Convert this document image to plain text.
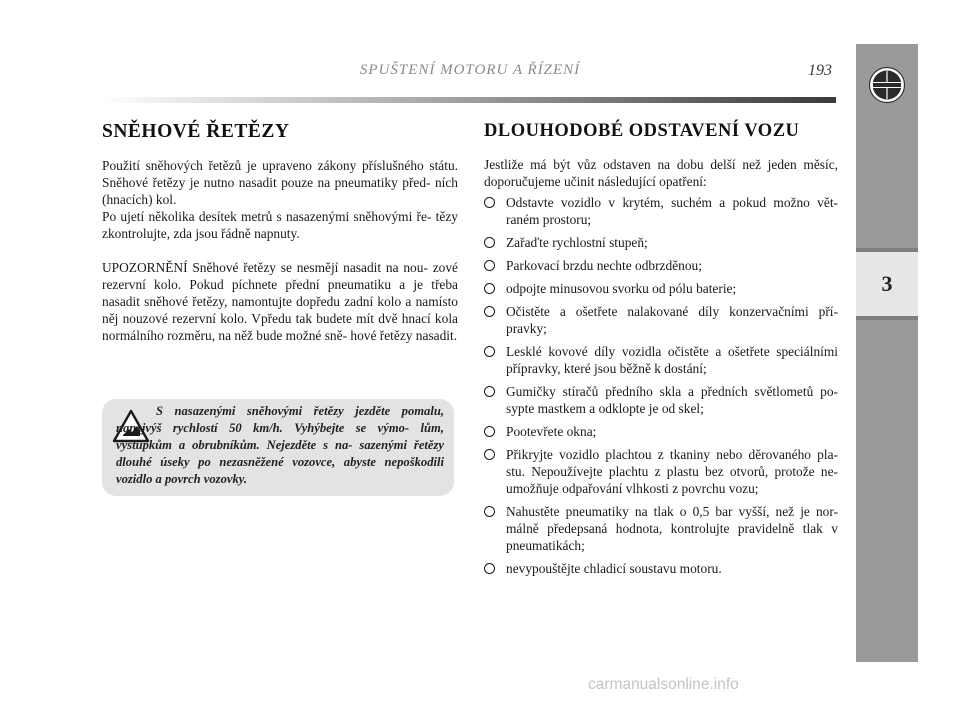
SPUŠTENÍ MOTORU A ŘÍZENÍ	193
3
SNĚHOVÉ ŘETĚZY

Použití sněhových řetězů je upraveno zákony příslušného státu. Sněhové řetězy je nutno nasadit pouze na pneumatiky před- ních (hnacích) kol.

Po ujetí několika desítek metrů s nasazenými sněhovými ře- tězy zkontrolujte, zda jsou řádně napnuty.

UPOZORNĚNÍ Sněhové řetězy se nesmějí nasadit na nou- zové rezervní kolo. Pokud píchnete přední pneumatiku a je třeba nasadit sněhové řetězy, namontujte dopředu zadní kolo a namísto něj nouzové rezervní kolo. Vpředu tak budete mít dvě hnací kola normálního rozměru, na něž bude možné sně- hové řetězy nasadit.

S nasazenými sněhovými řetězy jezděte pomalu, nanejvýš rychlostí 50 km/h. Vyhýbejte se výmo- lům, výstupkům a obrubníkům. Nejezděte s na- sazenými řetězy dlouhé úseky po nezasněžené vozovce, abyste nepoškodili vozidlo a povrch vozovky.
DLOUHODOBÉ ODSTAVENÍ VOZU

Jestliže má být vůz odstaven na dobu delší než jeden měsíc, doporučujeme učinit následující opatření:

Odstavte vozidlo v krytém, suchém a pokud možno vět- raném prostoru;
Zařaďte rychlostní stupeň;
Parkovací brzdu nechte odbrzděnou;
odpojte minusovou svorku od pólu baterie;
Očistěte a ošetřete nalakované díly konzervačními pří- pravky;
Lesklé kovové díly vozidla očistěte a ošetřete speciálními přípravky, které jsou běžně k dostání;
Gumičky stíračů předního skla a předních světlometů po- sypte mastkem a odklopte je od skel;
Pootevřete okna;
Přikryjte vozidlo plachtou z tkaniny nebo děrovaného pla- stu. Nepoužívejte plachtu z plastu bez otvorů, protože ne- umožňuje odpařování vlhkosti z povrchu vozu;
Nahustěte pneumatiky na tlak o 0,5 bar vyšší, než je nor- málně předepsaná hodnota, kontrolujte pravidelně tlak v pneumatikách;
nevypouštějte chladicí soustavu motoru.
carmanualsonline.info
